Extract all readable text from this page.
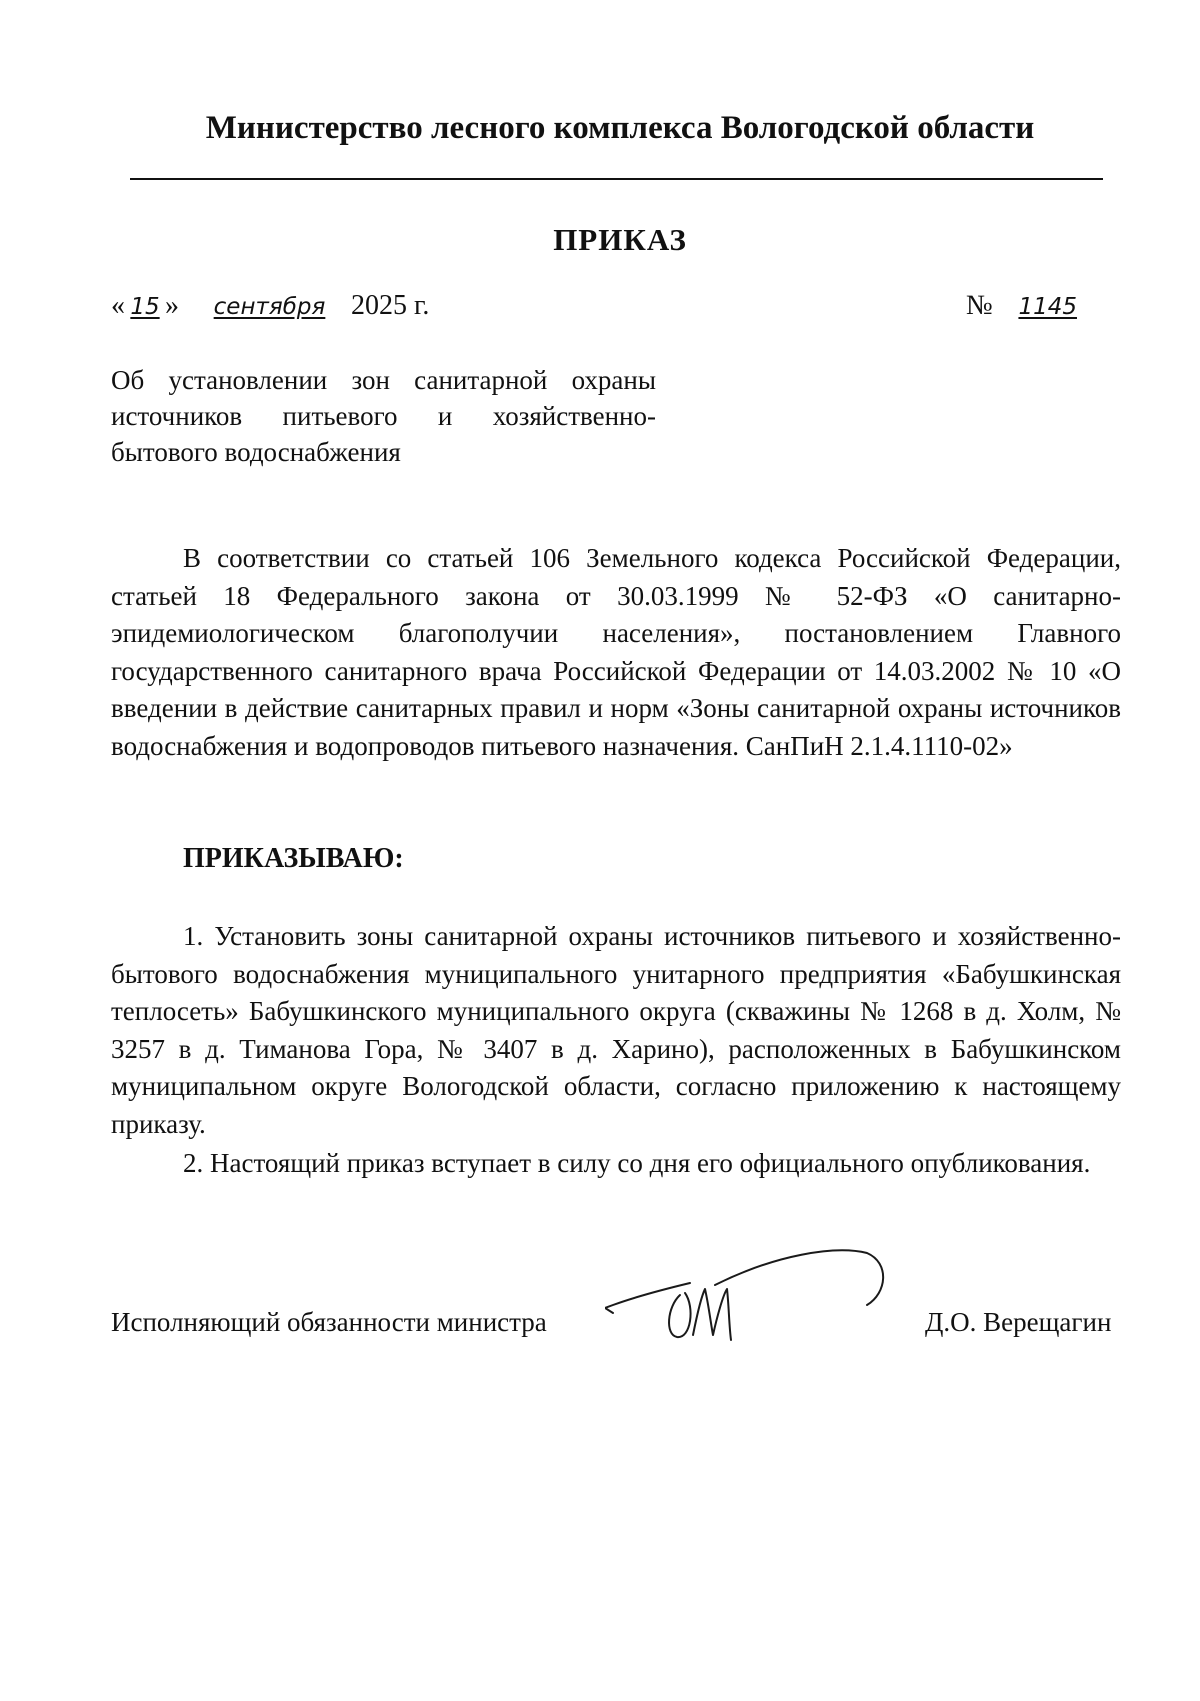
Министерство лесного комплекса Вологодской области
ПРИКАЗ
« 15 » сентября 2025 г.	№ 1145
Об установлении зон санитарной охраны источников питьевого и хозяйственно-бытового водоснабжения

В соответствии со статьей 106 Земельного кодекса Российской Федерации, статьей 18 Федерального закона от 30.03.1999 № 52-ФЗ «О санитарно-эпидемиологическом благополучии населения», постановлением Главного государственного санитарного врача Российской Федерации от 14.03.2002 № 10 «О введении в действие санитарных правил и норм «Зоны санитарной охраны источников водоснабжения и водопроводов питьевого назначения. СанПиН 2.1.4.1110-02»

ПРИКАЗЫВАЮ:

1. Установить зоны санитарной охраны источников питьевого и хозяйственно-бытового водоснабжения муниципального унитарного предприятия «Бабушкинская теплосеть» Бабушкинского муниципального округа (скважины № 1268 в д. Холм, № 3257 в д. Тиманова Гора, № 3407 в д. Харино), расположенных в Бабушкинском муниципальном округе Вологодской области, согласно приложению к настоящему приказу.

2. Настоящий приказ вступает в силу со дня его официального опубликования.

Исполняющий обязанности министра	Д.О. Верещагин
